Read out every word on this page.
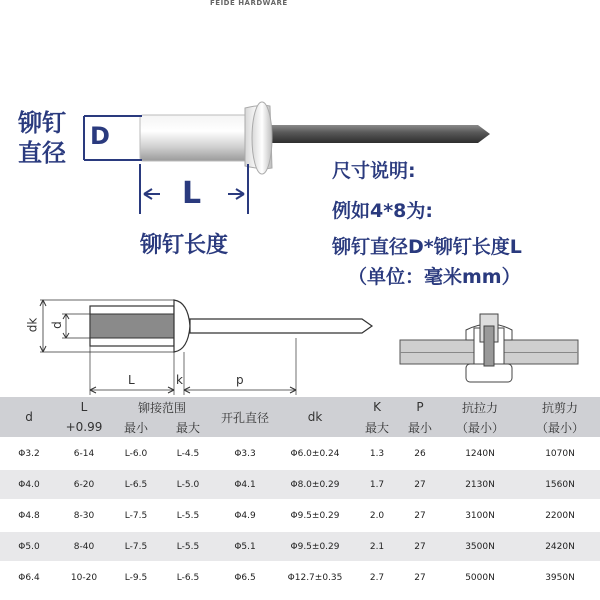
FEIDE HARDWARE
铆钉
直径
D
L
铆钉长度
尺寸说明:
例如4*8为:
铆钉直径D*铆钉长度L
（单位：毫米mm）
dk d
L	k	p
d	L	铆接范围		开孔直径	dk	K	P	抗拉力	抗剪力
	+0.99	最小	最大			最大	最小	（最小）	（最小）
Φ3.2	6-14	L-6.0	L-4.5	Φ3.3	Φ6.0±0.24	1.3	26	1240N	1070N
Φ4.0	6-20	L-6.5	L-5.0	Φ4.1	Φ8.0±0.29	1.7	27	2130N	1560N
Φ4.8	8-30	L-7.5	L-5.5	Φ4.9	Φ9.5±0.29	2.0	27	3100N	2200N
Φ5.0	8-40	L-7.5	L-5.5	Φ5.1	Φ9.5±0.29	2.1	27	3500N	2420N
Φ6.4	10-20	L-9.5	L-6.5	Φ6.5	Φ12.7±0.35	2.7	27	5000N	3950N
